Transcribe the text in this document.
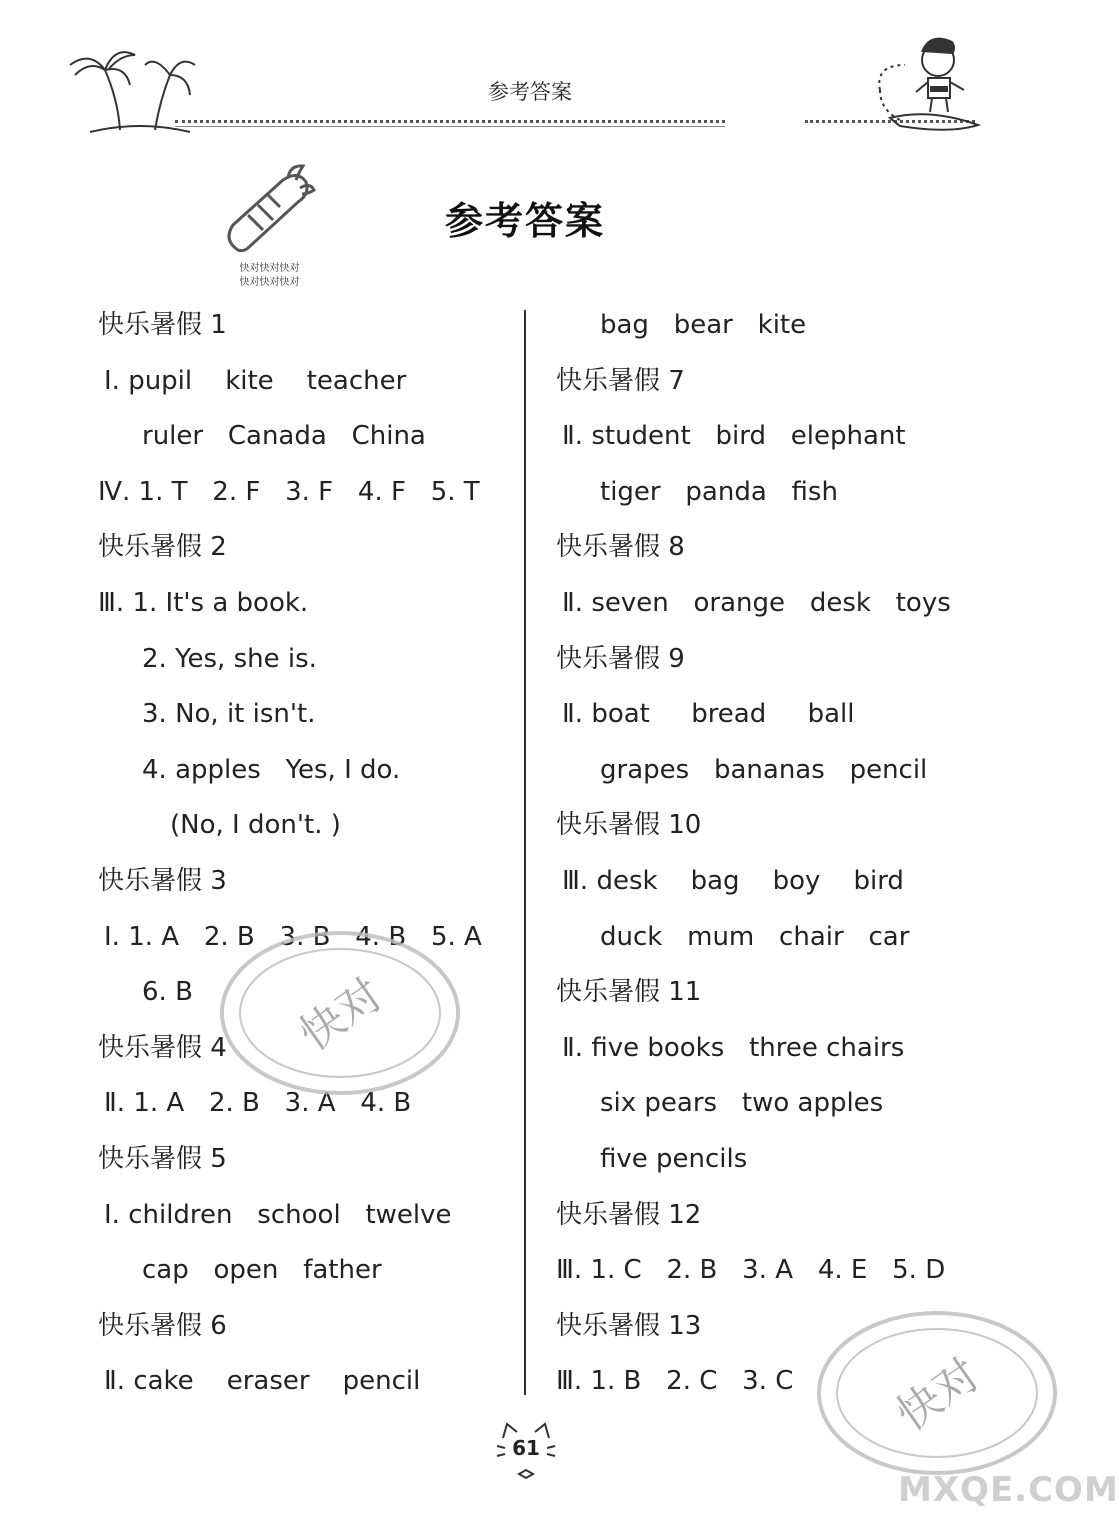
参考答案
快对快对快对
快对快对快对
参考答案
快乐暑假 1
Ⅰ. pupil    kite    teacher
ruler   Canada   China
Ⅳ. 1. T   2. F   3. F   4. F   5. T
快乐暑假 2
Ⅲ. 1. It's a book.
2. Yes, she is.
3. No, it isn't.
4. apples   Yes, I do.
(No, I don't. )
快乐暑假 3
Ⅰ. 1. A   2. B   3. B   4. B   5. A
6. B
快乐暑假 4
Ⅱ. 1. A   2. B   3. A   4. B
快乐暑假 5
Ⅰ. children   school   twelve
cap   open   father
快乐暑假 6
Ⅱ. cake    eraser    pencil
bag   bear   kite
快乐暑假 7
Ⅱ. student   bird   elephant
tiger   panda   fish
快乐暑假 8
Ⅱ. seven   orange   desk   toys
快乐暑假 9
Ⅱ. boat     bread     ball
grapes   bananas   pencil
快乐暑假 10
Ⅲ. desk    bag    boy    bird
duck   mum   chair   car
快乐暑假 11
Ⅱ. five books   three chairs
six pears   two apples
five pencils
快乐暑假 12
Ⅲ. 1. C   2. B   3. A   4. E   5. D
快乐暑假 13
Ⅲ. 1. B   2. C   3. C
快对
快对
61
MXQE.COM
